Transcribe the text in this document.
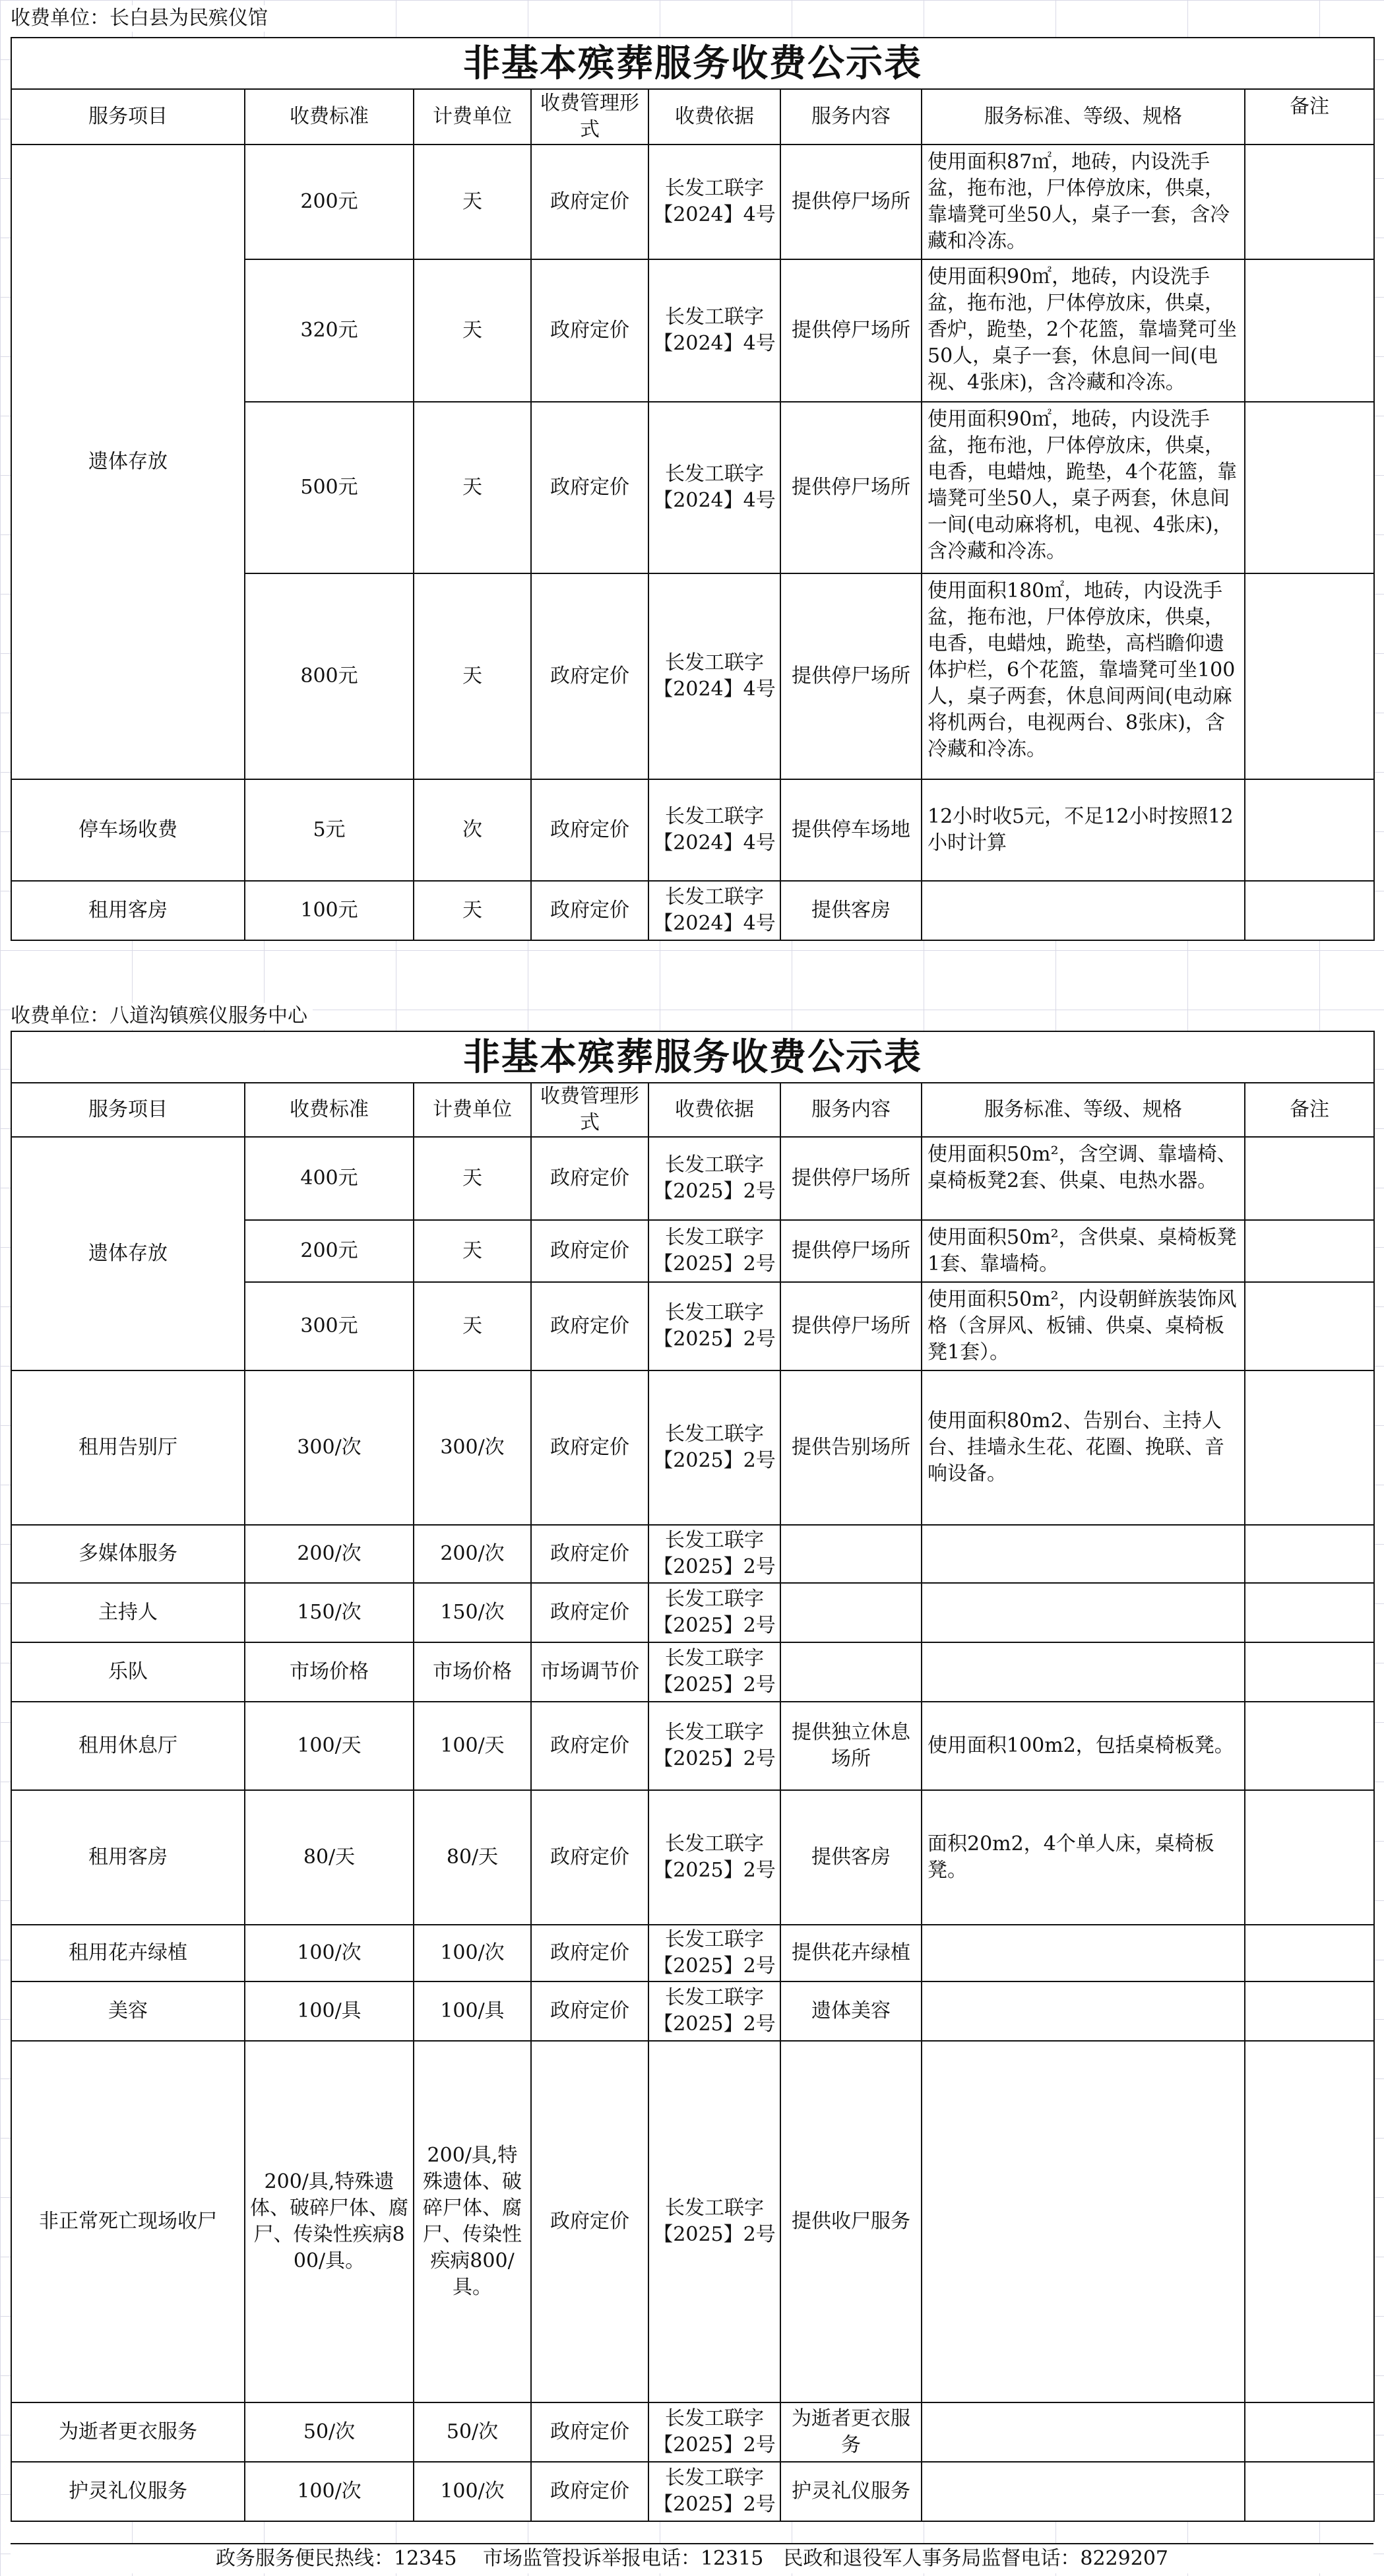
收费单位：长白县为民殡仪馆
非基本殡葬服务收费公示表							
服务项目	收费标准	计费单位	收费管理形式	收费依据	服务内容	服务标准、等级、规格	备注
遗体存放	200元	天	政府定价	长发工联字【2024】4号	提供停尸场所	使用面积87㎡，地砖，内设洗手盆，拖布池，尸体停放床，供桌，靠墙凳可坐50人，桌子一套，含冷藏和冷冻。	
	320元	天	政府定价	长发工联字【2024】4号	提供停尸场所	使用面积90㎡，地砖，内设洗手盆，拖布池，尸体停放床，供桌，香炉，跪垫，2个花篮，靠墙凳可坐50人，桌子一套，休息间一间(电视、4张床)，含冷藏和冷冻。	
	500元	天	政府定价	长发工联字【2024】4号	提供停尸场所	使用面积90㎡，地砖，内设洗手盆，拖布池，尸体停放床，供桌，电香，电蜡烛，跪垫，4个花篮，靠墙凳可坐50人，桌子两套，休息间一间(电动麻将机，电视、4张床)，含冷藏和冷冻。	
	800元	天	政府定价	长发工联字【2024】4号	提供停尸场所	使用面积180㎡，地砖，内设洗手盆，拖布池，尸体停放床，供桌，电香，电蜡烛，跪垫，高档瞻仰遗体护栏，6个花篮，靠墙凳可坐100人，桌子两套，休息间两间(电动麻将机两台，电视两台、8张床)，含冷藏和冷冻。	
停车场收费	5元	次	政府定价	长发工联字【2024】4号	提供停车场地	12小时收5元，不足12小时按照12小时计算	
租用客房	100元	天	政府定价	长发工联字【2024】4号	提供客房		
收费单位：八道沟镇殡仪服务中心
非基本殡葬服务收费公示表							
服务项目	收费标准	计费单位	收费管理形式	收费依据	服务内容	服务标准、等级、规格	备注
遗体存放	400元	天	政府定价	长发工联字【2025】2号	提供停尸场所	使用面积50m²，含空调、靠墙椅、桌椅板凳2套、供桌、电热水器。	
	200元	天	政府定价	长发工联字【2025】2号	提供停尸场所	使用面积50m²，含供桌、桌椅板凳1套、靠墙椅。	
	300元	天	政府定价	长发工联字【2025】2号	提供停尸场所	使用面积50m²，内设朝鲜族装饰风格（含屏风、板铺、供桌、桌椅板凳1套）。	
租用告别厅	300/次	300/次	政府定价	长发工联字【2025】2号	提供告别场所	使用面积80m2、告别台、主持人台、挂墙永生花、花圈、挽联、音响设备。	
多媒体服务	200/次	200/次	政府定价	长发工联字【2025】2号			
主持人	150/次	150/次	政府定价	长发工联字【2025】2号			
乐队	市场价格	市场价格	市场调节价	长发工联字【2025】2号			
租用休息厅	100/天	100/天	政府定价	长发工联字【2025】2号	提供独立休息场所	使用面积100m2，包括桌椅板凳。	
租用客房	80/天	80/天	政府定价	长发工联字【2025】2号	提供客房	面积20m2，4个单人床，桌椅板凳。	
租用花卉绿植	100/次	100/次	政府定价	长发工联字【2025】2号	提供花卉绿植		
美容	100/具	100/具	政府定价	长发工联字【2025】2号	遗体美容		
非正常死亡现场收尸	200/具,特殊遗体、破碎尸体、腐尸、传染性疾病800/具。	200/具,特殊遗体、破碎尸体、腐尸、传染性疾病800/具。	政府定价	长发工联字【2025】2号	提供收尸服务		
为逝者更衣服务	50/次	50/次	政府定价	长发工联字【2025】2号	为逝者更衣服务		
护灵礼仪服务	100/次	100/次	政府定价	长发工联字【2025】2号	护灵礼仪服务		
政务服务便民热线：12345　 市场监管投诉举报电话：12315　民政和退役军人事务局监督电话：8229207
